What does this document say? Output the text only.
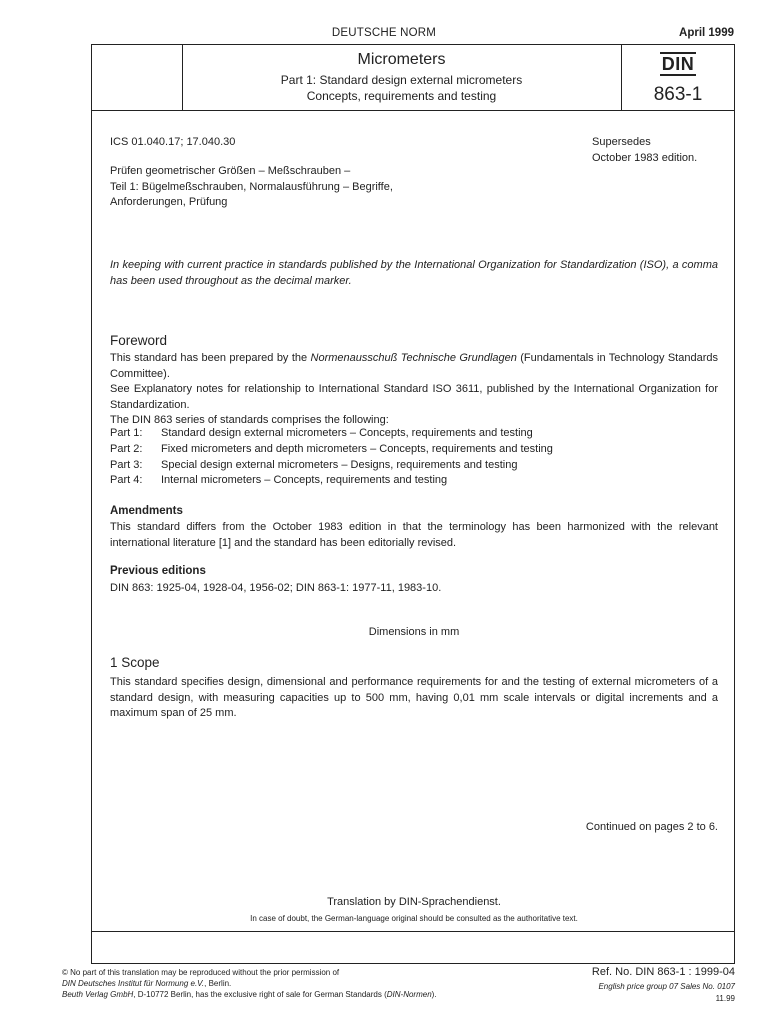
DEUTSCHE NORM	April 1999
Micrometers
Part 1: Standard design external micrometers
Concepts, requirements and testing
DIN
863-1
ICS 01.040.17; 17.040.30	Supersedes
October 1983 edition.
Prüfen geometrischer Größen – Meßschrauben –
Teil 1: Bügelmeßschrauben, Normalausführung – Begriffe,
Anforderungen, Prüfung
In keeping with current practice in standards published by the International Organization for Standardization (ISO), a comma has been used throughout as the decimal marker.
Foreword

This standard has been prepared by the Normenausschuß Technische Grundlagen (Fundamentals in Technology Standards Committee).

See Explanatory notes for relationship to International Standard ISO 3611, published by the International Organization for Standardization.

The DIN 863 series of standards comprises the following:

Part 1: Standard design external micrometers – Concepts, requirements and testing
Part 2: Fixed micrometers and depth micrometers – Concepts, requirements and testing
Part 3: Special design external micrometers – Designs, requirements and testing
Part 4: Internal micrometers – Concepts, requirements and testing
Amendments
This standard differs from the October 1983 edition in that the terminology has been harmonized with the relevant international literature [1] and the standard has been editorially revised.
Previous editions
DIN 863: 1925-04, 1928-04, 1956-02; DIN 863-1: 1977-11, 1983-10.
Dimensions in mm
1 Scope
This standard specifies design, dimensional and performance requirements for and the testing of external micrometers of a standard design, with measuring capacities up to 500 mm, having 0,01 mm scale intervals or digital increments and a maximum span of 25 mm.
Continued on pages 2 to 6.
Translation by DIN-Sprachendienst.
In case of doubt, the German-language original should be consulted as the authoritative text.
© No part of this translation may be reproduced without the prior permission of
DIN Deutsches Institut für Normung e.V., Berlin.
Beuth Verlag GmbH, D-10772 Berlin, has the exclusive right of sale for German Standards (DIN-Normen).
Ref. No. DIN 863-1 : 1999-04
English price group 07 Sales No. 0107
11.99
